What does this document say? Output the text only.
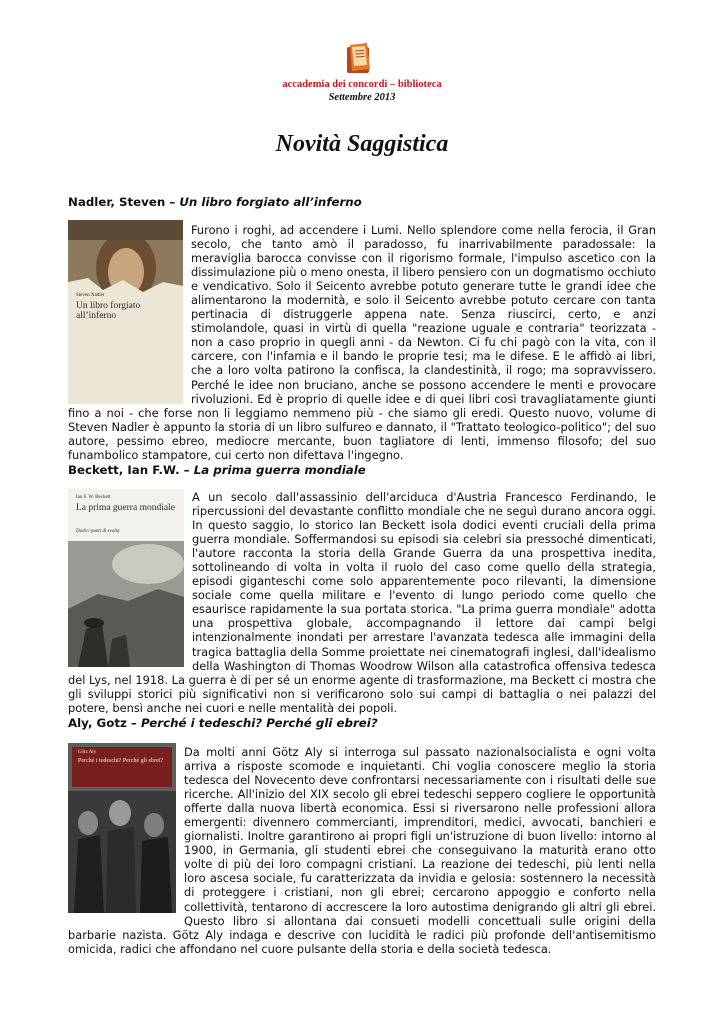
accademia dei concordi – biblioteca
Settembre 2013
Novità Saggistica
Nadler, Steven – Un libro forgiato all’inferno
Steven Nadler
Un libro forgiato all’inferno

Furono i roghi, ad accendere i Lumi. Nello splendore come nella ferocia, il Gran secolo, che tanto amò il paradosso, fu inarrivabilmente paradossale: la meraviglia barocca convisse con il rigorismo formale, l'impulso ascetico con la dissimulazione più o meno onesta, il libero pensiero con un dogmatismo occhiuto e vendicativo. Solo il Seicento avrebbe potuto generare tutte le grandi idee che alimentarono la modernità, e solo il Seicento avrebbe potuto cercare con tanta pertinacia di distruggerle appena nate. Senza riuscirci, certo, e anzi stimolandole, quasi in virtù di quella "reazione uguale e contraria" teorizzata - non a caso proprio in quegli anni - da Newton. Ci fu chi pagò con la vita, con il carcere, con l'infamia e il bando le proprie tesi; ma le difese. E le affidò ai libri, che a loro volta patirono la confisca, la clandestinità, il rogo; ma sopravvissero. Perché le idee non bruciano, anche se possono accendere le menti e provocare rivoluzioni. Ed è proprio di quelle idee e di quei libri così travagliatamente giunti fino a noi - che forse non li leggiamo nemmeno più - che siamo gli eredi. Questo nuovo, volume di Steven Nadler è appunto la storia di un libro sulfureo e dannato, il "Trattato teologico-politico"; del suo autore, pessimo ebreo, mediocre mercante, buon tagliatore di lenti, immenso filosofo; del suo funambolico stampatore, cui certo non difettava l'ingegno.

Beckett, Ian F.W. – La prima guerra mondiale
Ian F. W. Beckett
La prima guerra mondiale
Dodici punti di svolta

A un secolo dall'assassinio dell'arciduca d'Austria Francesco Ferdinando, le ripercussioni del devastante conflitto mondiale che ne seguì durano ancora oggi. In questo saggio, lo storico Ian Beckett isola dodici eventi cruciali della prima guerra mondiale. Soffermandosi su episodi sia celebri sia pressoché dimenticati, l'autore racconta la storia della Grande Guerra da una prospettiva inedita, sottolineando di volta in volta il ruolo del caso come quello della strategia, episodi giganteschi come solo apparentemente poco rilevanti, la dimensione sociale come quella militare e l'evento di lungo periodo come quello che esaurisce rapidamente la sua portata storica. "La prima guerra mondiale" adotta una prospettiva globale, accompagnando il lettore dai campi belgi intenzionalmente inondati per arrestare l'avanzata tedesca alle immagini della tragica battaglia della Somme proiettate nei cinematografi inglesi, dall'idealismo della Washington di Thomas Woodrow Wilson alla catastrofica offensiva tedesca del Lys, nel 1918. La guerra è di per sé un enorme agente di trasformazione, ma Beckett ci mostra che gli sviluppi storici più significativi non si verificarono solo sui campi di battaglia o nei palazzi del potere, bensì anche nei cuori e nelle mentalità dei popoli.

Aly, Gotz – Perché i tedeschi? Perché gli ebrei?
Götz Aly
Perché i tedeschi? Perché gli ebrei?

Da molti anni Götz Aly si interroga sul passato nazionalsocialista e ogni volta arriva a risposte scomode e inquietanti. Chi voglia conoscere meglio la storia tedesca del Novecento deve confrontarsi necessariamente con i risultati delle sue ricerche. All'inizio del XIX secolo gli ebrei tedeschi seppero cogliere le opportunità offerte dalla nuova libertà economica. Essi si riversarono nelle professioni allora emergenti: divennero commercianti, imprenditori, medici, avvocati, banchieri e giornalisti. Inoltre garantirono ai propri figli un'istruzione di buon livello: intorno al 1900, in Germania, gli studenti ebrei che conseguivano la maturità erano otto volte di più dei loro compagni cristiani. La reazione dei tedeschi, più lenti nella loro ascesa sociale, fu caratterizzata da invidia e gelosia: sostennero la necessità di proteggere i cristiani, non gli ebrei; cercarono appoggio e conforto nella collettività, tentarono di accrescere la loro autostima denigrando gli altri gli ebrei. Questo libro si allontana dai consueti modelli concettuali sulle origini della barbarie nazista. Götz Aly indaga e descrive con lucidità le radici più profonde dell'antisemitismo omicida, radici che affondano nel cuore pulsante della storia e della società tedesca.
